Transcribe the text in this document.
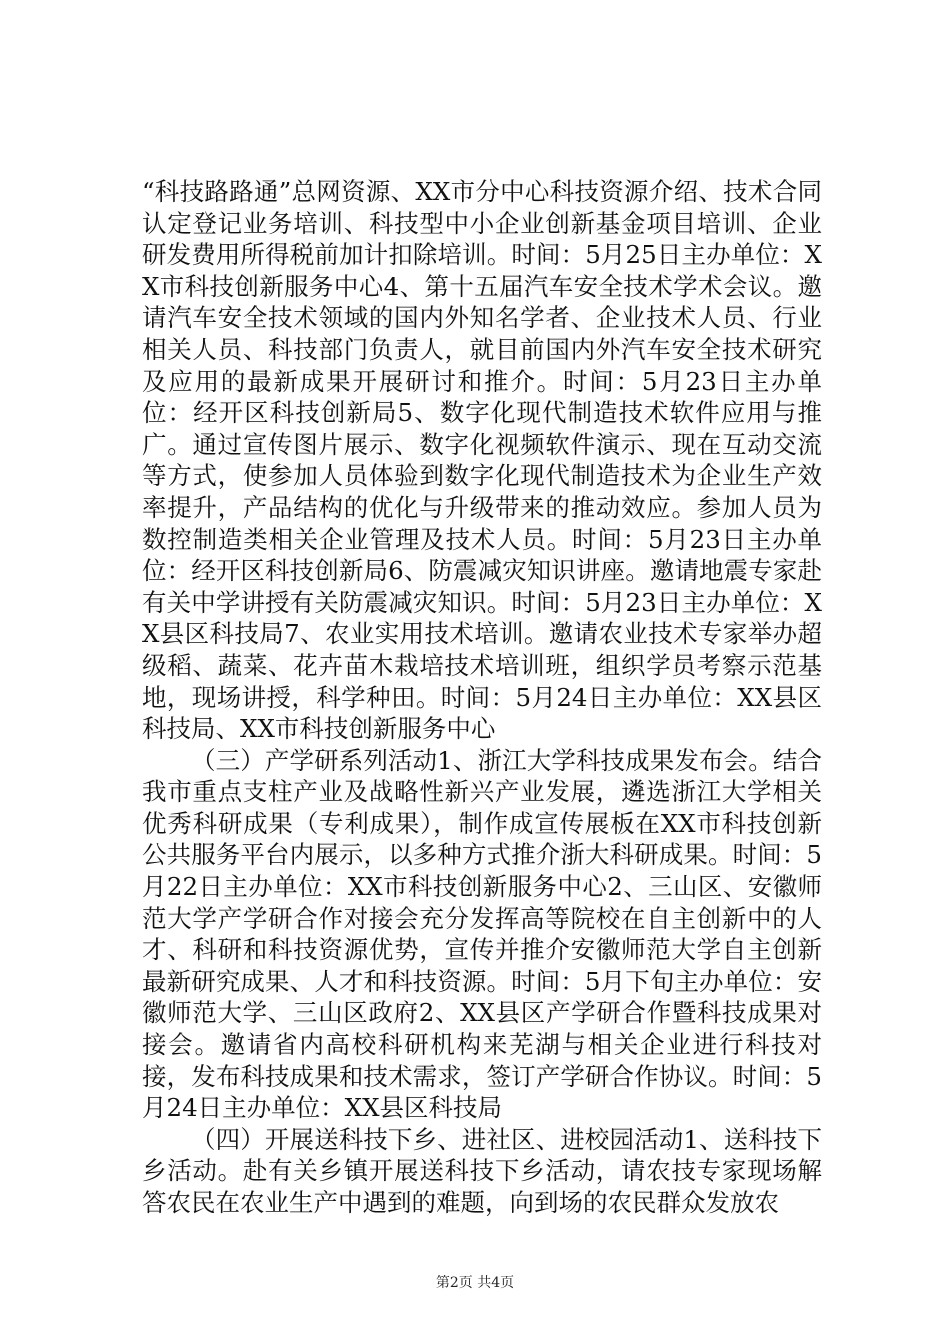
“科技路路通”总网资源、XX市分中心科技资源介绍、技术合同认定登记业务培训、科技型中小企业创新基金项目培训、企业研发费用所得税前加计扣除培训。时间：5月25日主办单位：XX市科技创新服务中心4、第十五届汽车安全技术学术会议。邀请汽车安全技术领域的国内外知名学者、企业技术人员、行业相关人员、科技部门负责人，就目前国内外汽车安全技术研究及应用的最新成果开展研讨和推介。时间：5月23日主办单位：经开区科技创新局5、数字化现代制造技术软件应用与推广。通过宣传图片展示、数字化视频软件演示、现在互动交流等方式，使参加人员体验到数字化现代制造技术为企业生产效率提升，产品结构的优化与升级带来的推动效应。参加人员为数控制造类相关企业管理及技术人员。时间：5月23日主办单位：经开区科技创新局6、防震减灾知识讲座。邀请地震专家赴有关中学讲授有关防震减灾知识。时间：5月23日主办单位：XX县区科技局7、农业实用技术培训。邀请农业技术专家举办超级稻、蔬菜、花卉苗木栽培技术培训班，组织学员考察示范基地，现场讲授，科学种田。时间：5月24日主办单位：XX县区科技局、XX市科技创新服务中心

（三）产学研系列活动1、浙江大学科技成果发布会。结合我市重点支柱产业及战略性新兴产业发展，遴选浙江大学相关优秀科研成果（专利成果），制作成宣传展板在XX市科技创新公共服务平台内展示，以多种方式推介浙大科研成果。时间：5月22日主办单位：XX市科技创新服务中心2、三山区、安徽师范大学产学研合作对接会充分发挥高等院校在自主创新中的人才、科研和科技资源优势，宣传并推介安徽师范大学自主创新最新研究成果、人才和科技资源。时间：5月下旬主办单位：安徽师范大学、三山区政府2、XX县区产学研合作暨科技成果对接会。邀请省内高校科研机构来芜湖与相关企业进行科技对接，发布科技成果和技术需求，签订产学研合作协议。时间：5月24日主办单位：XX县区科技局

（四）开展送科技下乡、进社区、进校园活动1、送科技下乡活动。赴有关乡镇开展送科技下乡活动，请农技专家现场解答农民在农业生产中遇到的难题，向到场的农民群众发放农

第2页 共4页
